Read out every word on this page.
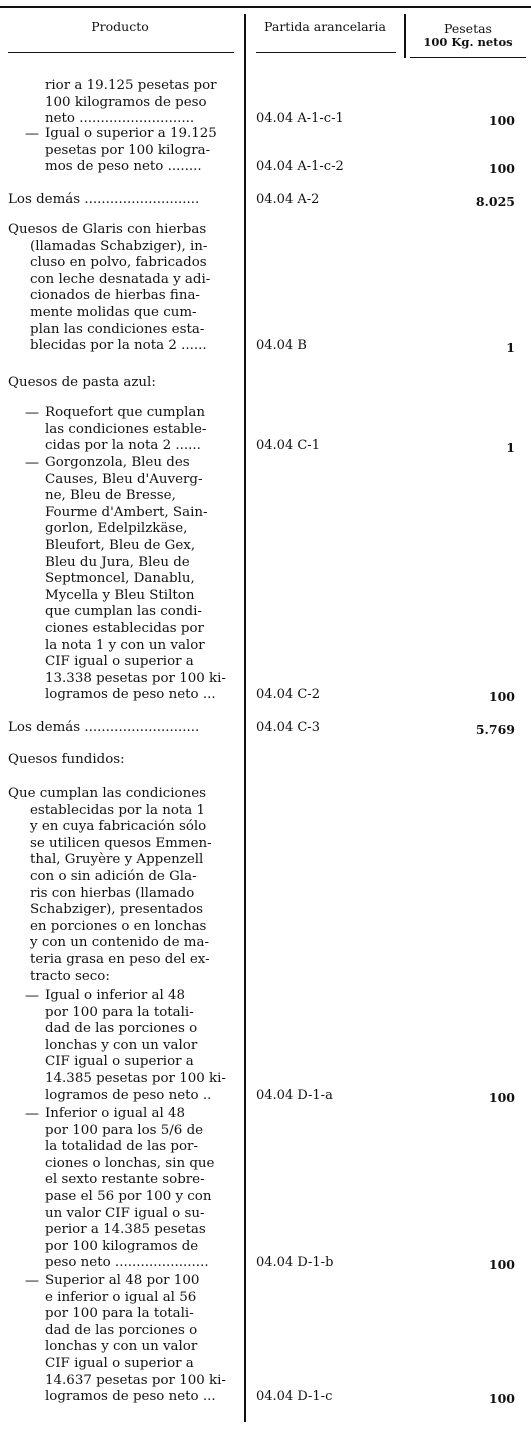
Producto	Partida arancelaria	Pesetas
100 Kg. netos
rior a 19.125 pesetas por
100 kilogramos de peso
neto ...........................	04.04 A-1-c-1	100
— Igual o superior a 19.125
pesetas por 100 kilogra-
mos de peso neto ........	04.04 A-1-c-2	100
Los demás ...........................	04.04 A-2	8.025
Quesos de Glaris con hierbas
(llamadas Schabziger), in-
cluso en polvo, fabricados
con leche desnatada y adi-
cionados de hierbas fina-
mente molidas que cum-
plan las condiciones esta-
blecidas por la nota 2 ......	04.04 B	1
Quesos de pasta azul:
— Roquefort que cumplan
las condiciones estable-
cidas por la nota 2 ......	04.04 C-1	1
— Gorgonzola, Bleu des
Causes, Bleu d'Auverg-
ne, Bleu de Bresse,
Fourme d'Ambert, Sain-
gorlon, Edelpilzkäse,
Bleufort, Bleu de Gex,
Bleu du Jura, Bleu de
Septmoncel, Danablu,
Mycella y Bleu Stilton
que cumplan las condi-
ciones establecidas por
la nota 1 y con un valor
CIF igual o superior a
13.338 pesetas por 100 ki-
logramos de peso neto ...	04.04 C-2	100
Los demás ...........................	04.04 C-3	5.769
Quesos fundidos:
Que cumplan las condiciones
establecidas por la nota 1
y en cuya fabricación sólo
se utilicen quesos Emmen-
thal, Gruyère y Appenzell
con o sin adición de Gla-
ris con hierbas (llamado
Schabziger), presentados
en porciones o en lonchas
y con un contenido de ma-
teria grasa en peso del ex-
tracto seco:
— Igual o inferior al 48
por 100 para la totali-
dad de las porciones o
lonchas y con un valor
CIF igual o superior a
14.385 pesetas por 100 ki-
logramos de peso neto ..	04.04 D-1-a	100
— Inferior o igual al 48
por 100 para los 5/6 de
la totalidad de las por-
ciones o lonchas, sin que
el sexto restante sobre-
pase el 56 por 100 y con
un valor CIF igual o su-
perior a 14.385 pesetas
por 100 kilogramos de
peso neto ......................	04.04 D-1-b	100
— Superior al 48 por 100
e inferior o igual al 56
por 100 para la totali-
dad de las porciones o
lonchas y con un valor
CIF igual o superior a
14.637 pesetas por 100 ki-
logramos de peso neto ...	04.04 D-1-c	100
